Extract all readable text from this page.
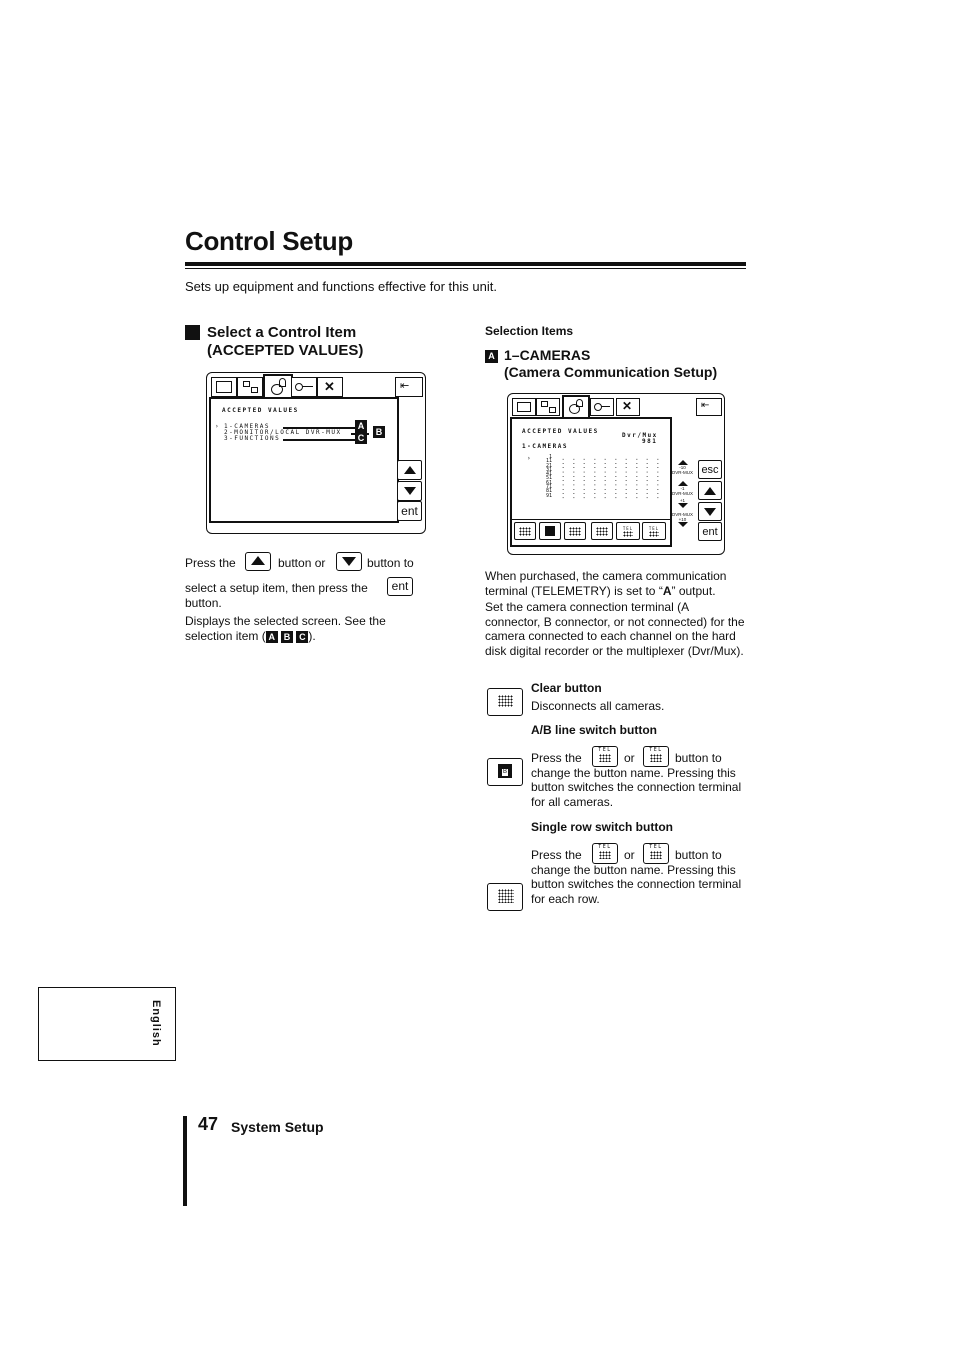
Control Setup
Sets up equipment and functions effective for this unit.
Select a Control Item
(ACCEPTED VALUES)
✕	⇤
ACCEPTED VALUES
› 1-CAMERAS
2-MONITOR/LOCAL DVR-MUX
3-FUNCTIONS
A
B
C
ent
Press the	button or	button to
select a setup item, then press the	ent
button.
Displays the selected screen. See the
selection item ( A B C ).
Selection Items
A 1–CAMERAS
(Camera Communication Setup)
✕	⇤
ACCEPTED VALUES
Dvr/Mux
981
1-CAMERAS
›	1
11
21
31
41
51
61
71
81
91
TEL	TEL
-10
DVR-MUX
-1
DVR-MUX
+1
DVR-MUX
+10
esc
ent
When purchased, the camera communication terminal (TELEMETRY) is set to “A” output.
Set the camera connection terminal (A connector, B connector, or not connected) for the camera connected to each channel on the hard disk digital recorder or the multiplexer (Dvr/Mux).
Clear button
Disconnects all cameras.
B
A/B line switch button
Press the
TEL
or
TEL
button to change the button name. Pressing this button switches the connection terminal for all cameras.
Single row switch button
Press the
TEL
or
TEL
button to change the button name. Pressing this button switches the connection terminal for each row.
English
47 System Setup
